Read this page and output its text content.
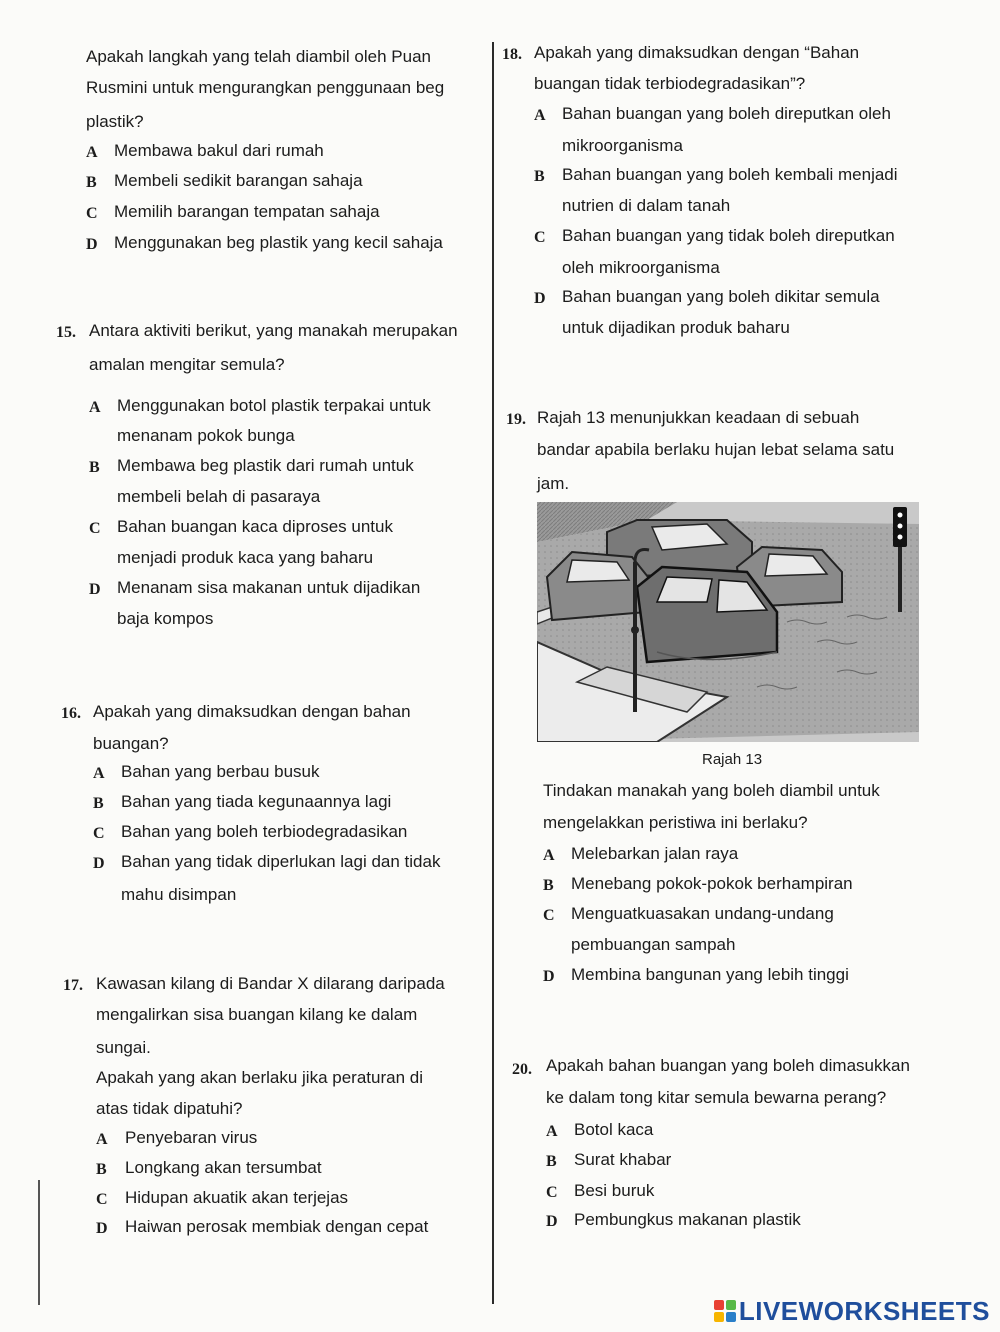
Apakah langkah yang telah diambil oleh Puan
Rusmini untuk mengurangkan penggunaan beg
plastik?
A Membawa bakul dari rumah
B Membeli sedikit barangan sahaja
C Memilih barangan tempatan sahaja
D Menggunakan beg plastik yang kecil sahaja
15. Antara aktiviti berikut, yang manakah merupakan
amalan mengitar semula?
A Menggunakan botol plastik terpakai untuk
menanam pokok bunga
B Membawa beg plastik dari rumah untuk
membeli belah di pasaraya
C Bahan buangan kaca diproses untuk
menjadi produk kaca yang baharu
D Menanam sisa makanan untuk dijadikan
baja kompos
16. Apakah yang dimaksudkan dengan bahan
buangan?
A Bahan yang berbau busuk
B Bahan yang tiada kegunaannya lagi
C Bahan yang boleh terbiodegradasikan
D Bahan yang tidak diperlukan lagi dan tidak
mahu disimpan
17. Kawasan kilang di Bandar X dilarang daripada
mengalirkan sisa buangan kilang ke dalam
sungai.
Apakah yang akan berlaku jika peraturan di
atas tidak dipatuhi?
A Penyebaran virus
B Longkang akan tersumbat
C Hidupan akuatik akan terjejas
D Haiwan perosak membiak dengan cepat
18. Apakah yang dimaksudkan dengan “Bahan
buangan tidak terbiodegradasikan”?
A Bahan buangan yang boleh direputkan oleh
mikroorganisma
B Bahan buangan yang boleh kembali menjadi
nutrien di dalam tanah
C Bahan buangan yang tidak boleh direputkan
oleh mikroorganisma
D Bahan buangan yang boleh dikitar semula
untuk dijadikan produk baharu
19. Rajah 13 menunjukkan keadaan di sebuah
bandar apabila berlaku hujan lebat selama satu
jam.
Rajah 13
Tindakan manakah yang boleh diambil untuk
mengelakkan peristiwa ini berlaku?
A Melebarkan jalan raya
B Menebang pokok-pokok berhampiran
C Menguatkuasakan undang-undang
pembuangan sampah
D Membina bangunan yang lebih tinggi
20. Apakah bahan buangan yang boleh dimasukkan
ke dalam tong kitar semula bewarna perang?
A Botol kaca
B Surat khabar
C Besi buruk
D Pembungkus makanan plastik
LIVEWORKSHEETS
